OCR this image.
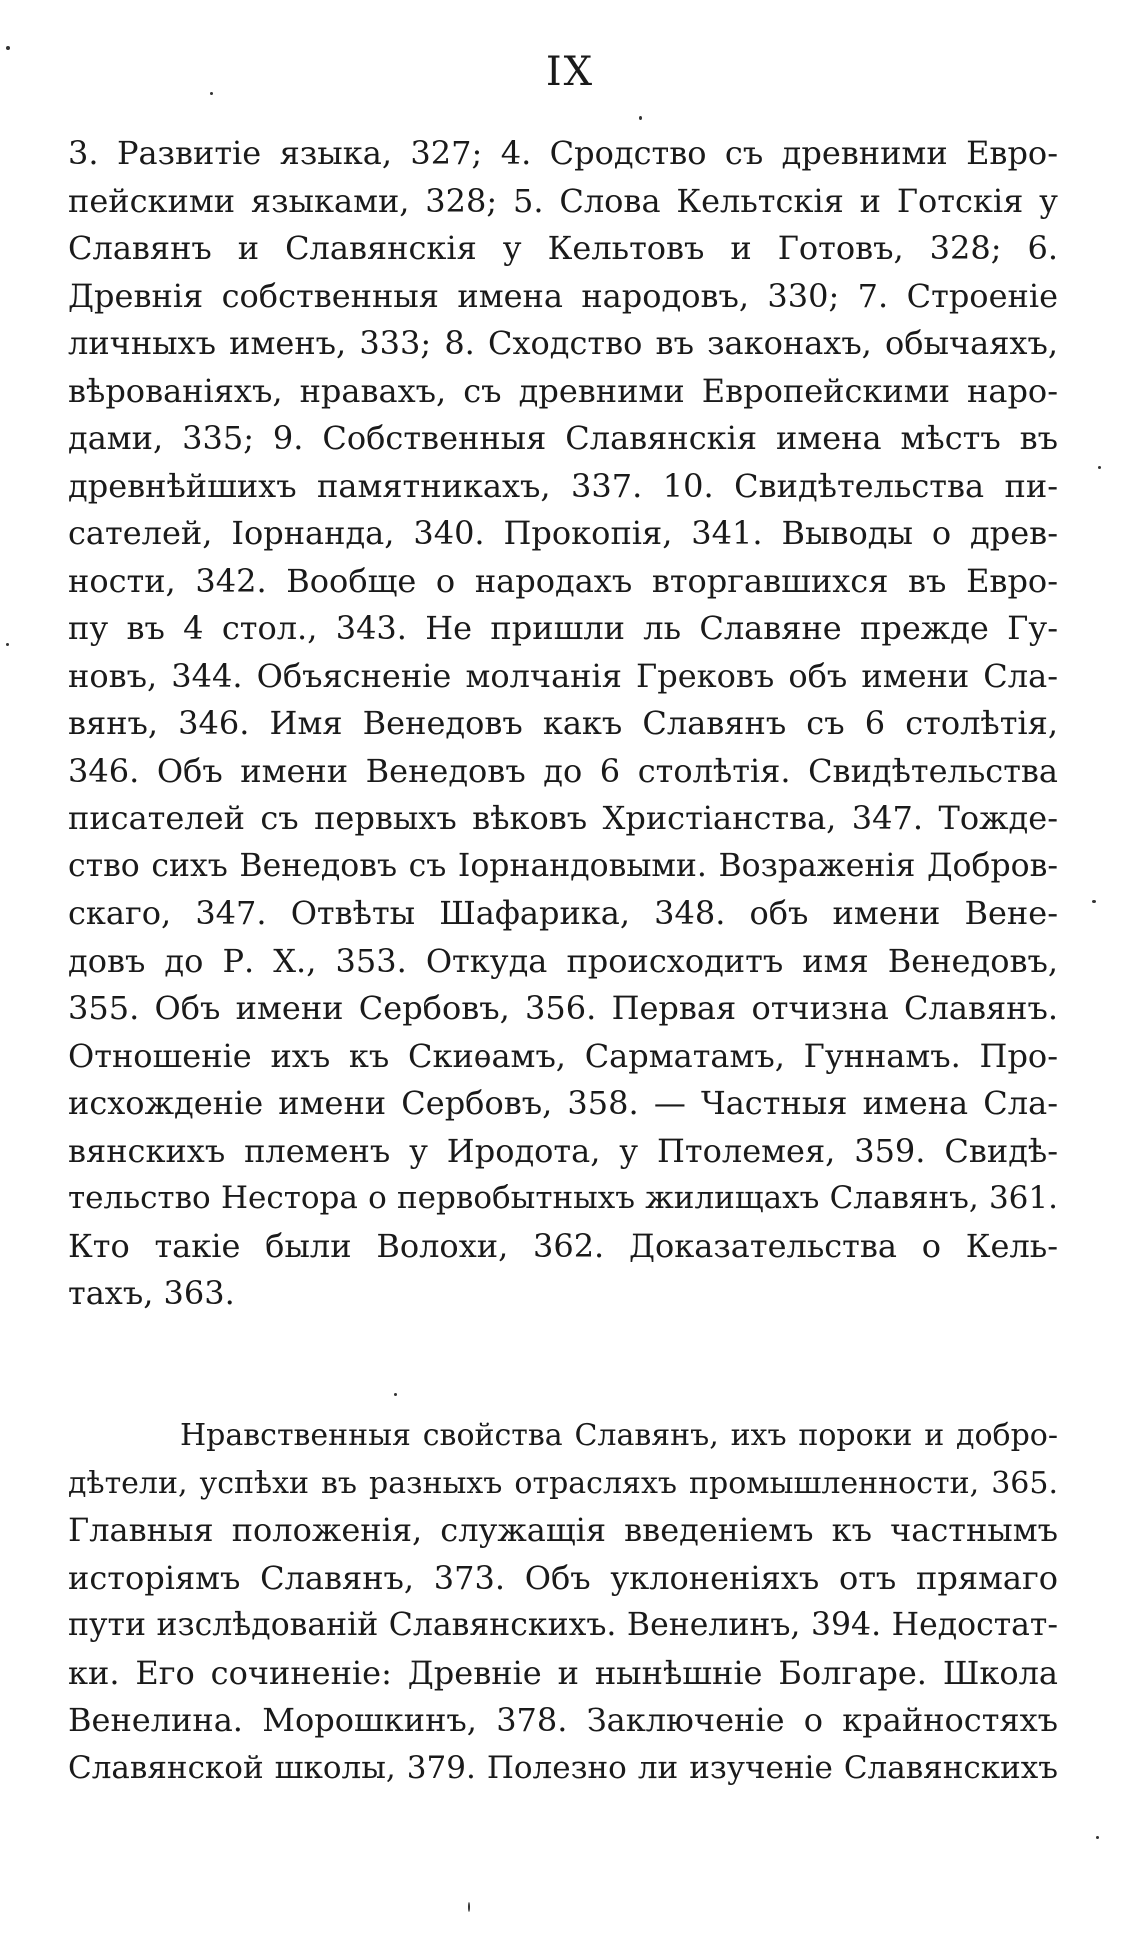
IX
3. Развитіе языка, 327; 4. Сродство съ древними Евро-
пейскими языками, 328; 5. Слова Кельтскія и Готскія у
Славянъ и Славянскія у Кельтовъ и Готовъ, 328; 6.
Древнія собственныя имена народовъ, 330; 7. Строеніе
личныхъ именъ, 333; 8. Сходство въ законахъ, обычаяхъ,
вѣрованіяхъ, нравахъ, съ древними Европейскими наро-
дами, 335; 9. Собственныя Славянскія имена мѣстъ въ
древнѣйшихъ памятникахъ, 337. 10. Свидѣтельства пи-
сателей, Іорнанда, 340. Прокопія, 341. Выводы о древ-
ности, 342. Вообще о народахъ вторгавшихся въ Евро-
пу въ 4 стол., 343. Не пришли ль Славяне прежде Гу-
новъ, 344. Объясненіе молчанія Грековъ объ имени Сла-
вянъ, 346. Имя Венедовъ какъ Славянъ съ 6 столѣтія,
346. Объ имени Венедовъ до 6 столѣтія. Свидѣтельства
писателей съ первыхъ вѣковъ Христіанства, 347. Тожде-
ство сихъ Венедовъ съ Іорнандовыми. Возраженія Добров-
скаго, 347. Отвѣты Шафарика, 348. объ имени Вене-
довъ до Р. Х., 353. Откуда происходитъ имя Венедовъ,
355. Объ имени Сербовъ, 356. Первая отчизна Славянъ.
Отношеніе ихъ къ Скиѳамъ, Сарматамъ, Гуннамъ. Про-
исхожденіе имени Сербовъ, 358. — Частныя имена Сла-
вянскихъ племенъ у Иродота, у Птолемея, 359. Свидѣ-
тельство Нестора о первобытныхъ жилищахъ Славянъ, 361.
Кто такіе были Волохи, 362. Доказательства о Кель-
тахъ, 363.
Нравственныя свойства Славянъ, ихъ пороки и добро-
дѣтели, успѣхи въ разныхъ отрасляхъ промышленности, 365.
Главныя положенія, служащія введеніемъ къ частнымъ
исторіямъ Славянъ, 373. Объ уклоненіяхъ отъ прямаго
пути изслѣдованій Славянскихъ. Венелинъ, 394. Недостат-
ки. Его сочиненіе: Древніе и нынѣшніе Болгаре. Школа
Венелина. Морошкинъ, 378. Заключеніе о крайностяхъ
Славянской школы, 379. Полезно ли изученіе Славянскихъ
